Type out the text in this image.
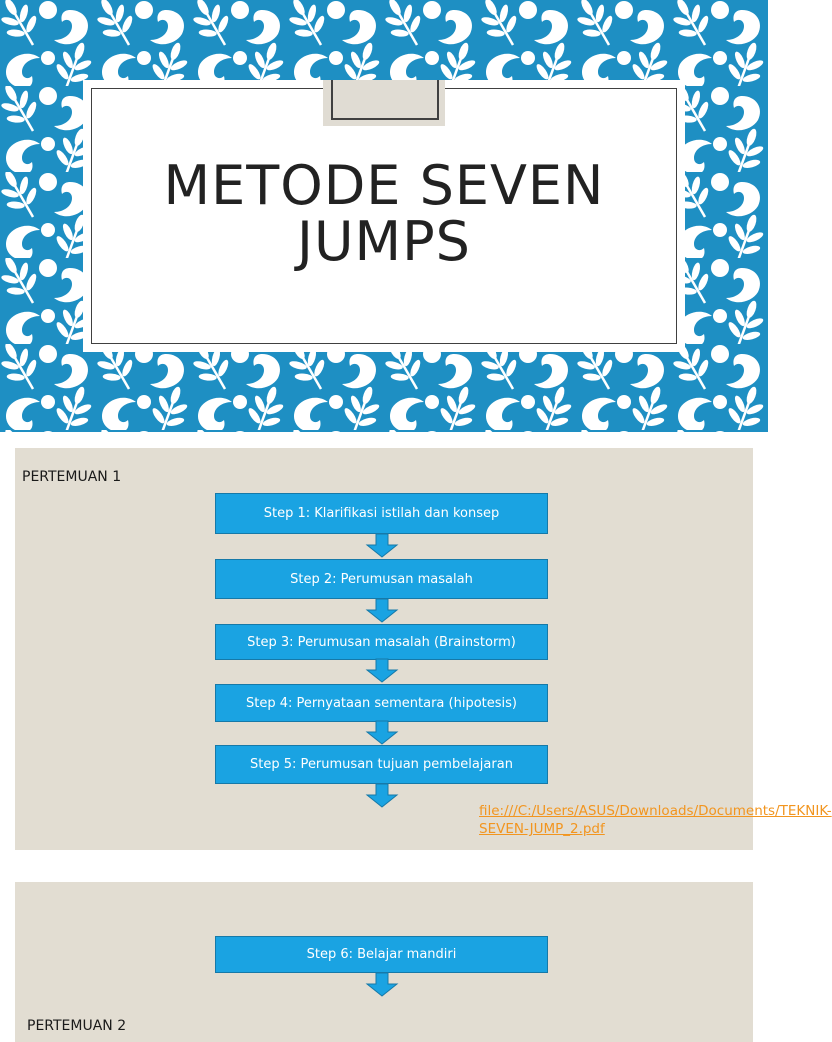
METODE SEVEN
JUMPS
PERTEMUAN 1
Step 1: Klarifikasi istilah dan konsep
Step 2: Perumusan masalah
Step 3: Perumusan masalah (Brainstorm)
Step 4: Pernyataan sementara (hipotesis)
Step 5: Perumusan tujuan pembelajaran
file:///C:/Users/ASUS/Downloads/Documents/TEKNIK-SEVEN-JUMP_2.pdf
Step 6: Belajar mandiri
PERTEMUAN 2
